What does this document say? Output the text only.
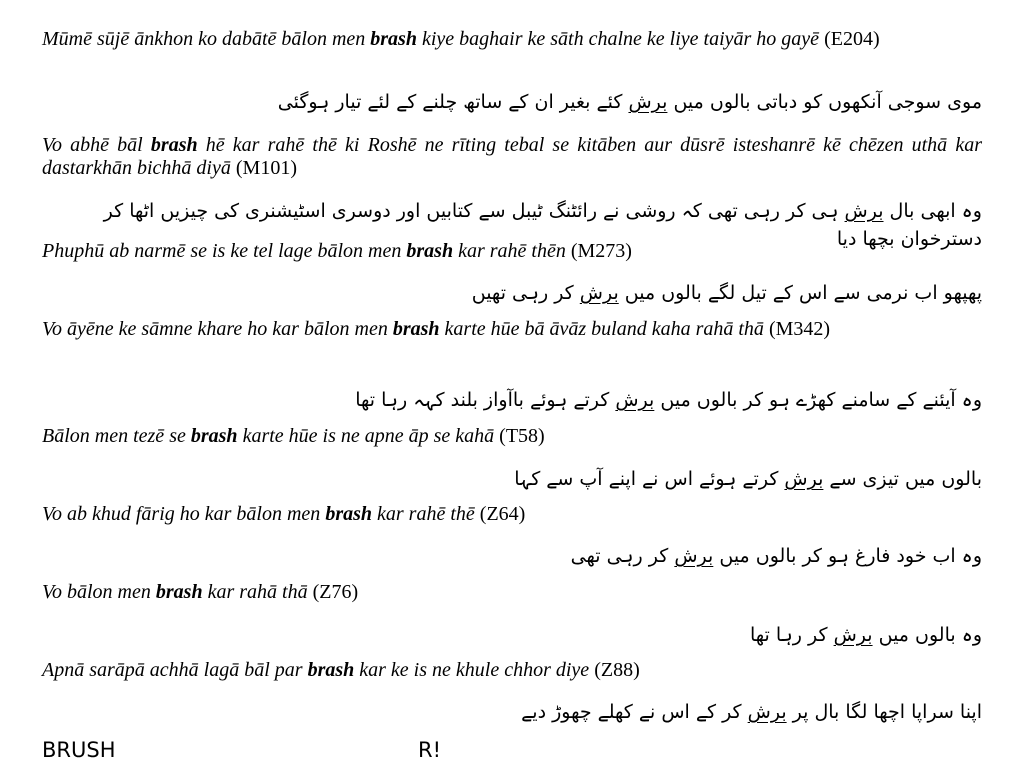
Mūmē sūjē ānkhon ko dabātē bālon men brash kiye baghair ke sāth chalne ke liye taiyār ho gayē (E204)
موی سوجی آنکھوں کو دباتی بالوں میں برش کئے بغیر ان کے ساتھ چلنے کے لئے تیار ہوگئی
Vo abhē bāl brash hē kar rahē thē ki Roshē ne rīting tebal se kitāben aur dūsrē isteshanrē kē chēzen uthā kar dastarkhān bichhā diyā (M101)
وہ ابھی بال برش ہی کر رہی تھی کہ روشی نے رائٹنگ ٹیبل سے کتابیں اور دوسری اسٹیشنری کی چیزیں اٹھا کر دسترخوان بچھا دیا
Phuphū ab narmē se is ke tel lage bālon men brash kar rahē thēn (M273)
پھپھو اب نرمی سے اس کے تیل لگے بالوں میں برش کر رہی تھیں
Vo āyēne ke sāmne khare ho kar bālon men brash karte hūe bā āvāz buland kaha rahā thā (M342)
وہ آیئنے کے سامنے کھڑے ہو کر بالوں میں برش کرتے ہوئے باآواز بلند کہہ رہا تھا
Bālon men tezē se brash karte hūe is ne apne āp se kahā (T58)
بالوں میں تیزی سے برش کرتے ہوئے اس نے اپنے آپ سے کہا
Vo ab khud fārig ho kar bālon men brash kar rahē thē (Z64)
وہ اب خود فارغ ہو کر بالوں میں برش کر رہی تھی
Vo bālon men brash kar rahā thā (Z76)
وہ بالوں میں برش کر رہا تھا
Apnā sarāpā achhā lagā bāl par brash kar ke is ne khule chhor diye (Z88)
اپنا سراپا اچھا لگا بال پر برش کر کے اس نے کھلے چھوڑ دیے
BRUSH	R!
